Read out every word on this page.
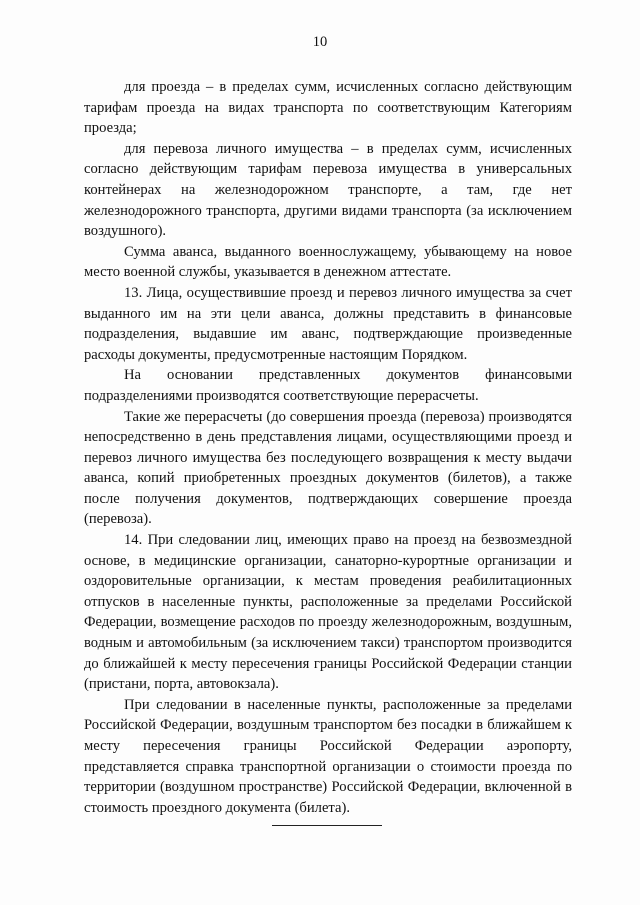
10

для проезда – в пределах сумм, исчисленных согласно действующим тарифам проезда на видах транспорта по соответствующим Категориям проезда;

для перевоза личного имущества – в пределах сумм, исчисленных согласно действующим тарифам перевоза имущества в универсальных контейнерах на железнодорожном транспорте, а там, где нет железнодорожного транспорта, другими видами транспорта (за исключением воздушного).

Сумма аванса, выданного военнослужащему, убывающему на новое место военной службы, указывается в денежном аттестате.

13. Лица, осуществившие проезд и перевоз личного имущества за счет выданного им на эти цели аванса, должны представить в финансовые подразделения, выдавшие им аванс, подтверждающие произведенные расходы документы, предусмотренные настоящим Порядком.

На основании представленных документов финансовыми подразделениями производятся соответствующие перерасчеты.

Такие же перерасчеты (до совершения проезда (перевоза) производятся непосредственно в день представления лицами, осуществляющими проезд и перевоз личного имущества без последующего возвращения к месту выдачи аванса, копий приобретенных проездных документов (билетов), а также после получения документов, подтверждающих совершение проезда (перевоза).

14. При следовании лиц, имеющих право на проезд на безвозмездной основе, в медицинские организации, санаторно-курортные организации и оздоровительные организации, к местам проведения реабилитационных отпусков в населенные пункты, расположенные за пределами Российской Федерации, возмещение расходов по проезду железнодорожным, воздушным, водным и автомобильным (за исключением такси) транспортом производится до ближайшей к месту пересечения границы Российской Федерации станции (пристани, порта, автовокзала).

При следовании в населенные пункты, расположенные за пределами Российской Федерации, воздушным транспортом без посадки в ближайшем к месту пересечения границы Российской Федерации аэропорту, представляется справка транспортной организации о стоимости проезда по территории (воздушном пространстве) Российской Федерации, включенной в стоимость проездного документа (билета).
